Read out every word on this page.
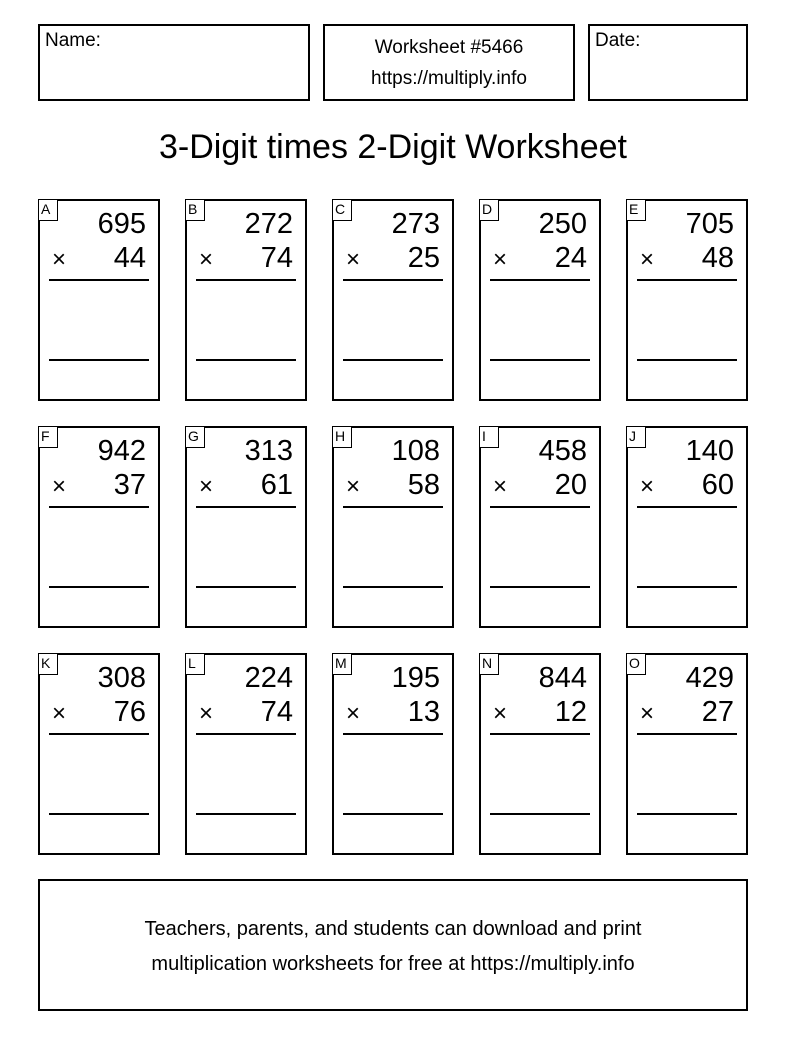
Name:	Worksheet #5466
https://multiply.info
Date:
3-Digit times 2-Digit Worksheet
A 695
× 44
B 272
× 74
C 273
× 25
D 250
× 24
E 705
× 48
F 942
× 37
G 313
× 61
H 108
× 58
I	458
× 20
J	140
× 60
K 308
× 76
L	224
× 74
M 195
× 13
N 844
× 12
O 429
× 27
Teachers, parents, and students can download and print
multiplication worksheets for free at https://multiply.info
